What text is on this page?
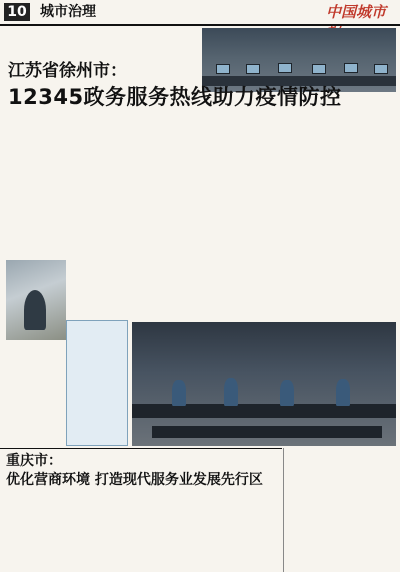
10 城市治理	中国城市
江苏省徐州市：
12345政务服务热线助力疫情防控
重庆市：
优化营商环境 打造现代服务业发展先行区
